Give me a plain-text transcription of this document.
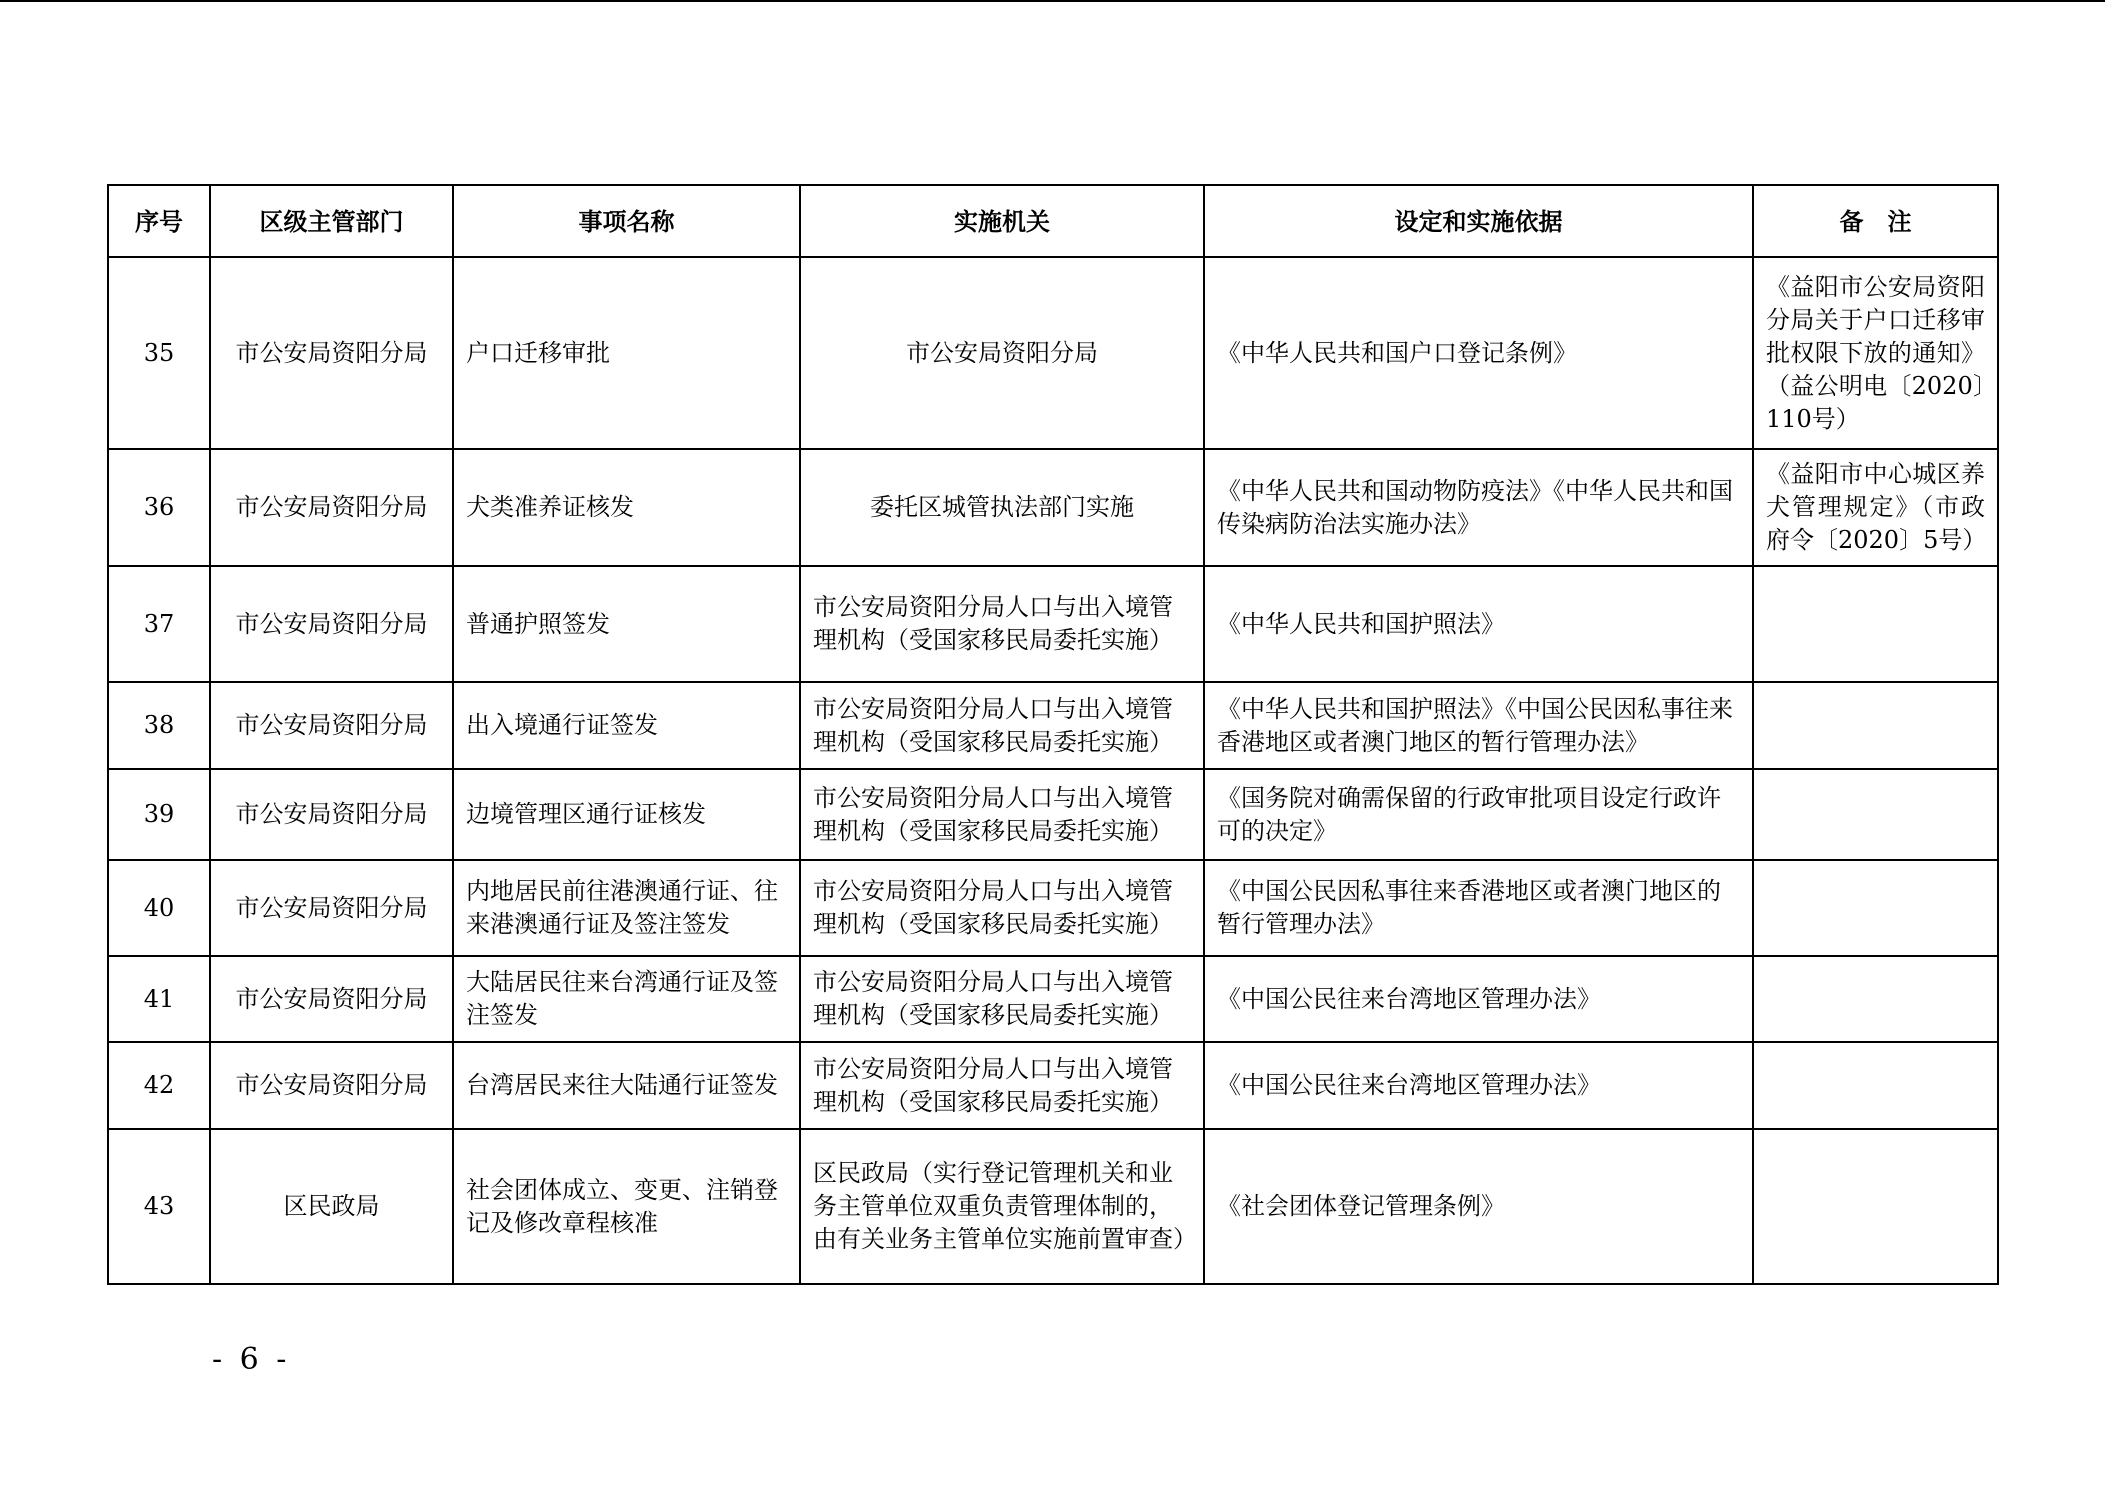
序号	区级主管部门	事项名称	实施机关	设定和实施依据	备　注
35	市公安局资阳分局	户口迁移审批	市公安局资阳分局	《中华人民共和国户口登记条例》	《益阳市公安局资阳分局关于户口迁移审批权限下放的通知》（益公明电〔2020〕110号）
36	市公安局资阳分局	犬类准养证核发	委托区城管执法部门实施	《中华人民共和国动物防疫法》《中华人民共和国传染病防治法实施办法》	《益阳市中心城区养犬管理规定》（市政府令〔2020〕5号）
37	市公安局资阳分局	普通护照签发	市公安局资阳分局人口与出入境管理机构（受国家移民局委托实施）	《中华人民共和国护照法》	
38	市公安局资阳分局	出入境通行证签发	市公安局资阳分局人口与出入境管理机构（受国家移民局委托实施）	《中华人民共和国护照法》《中国公民因私事往来香港地区或者澳门地区的暂行管理办法》	
39	市公安局资阳分局	边境管理区通行证核发	市公安局资阳分局人口与出入境管理机构（受国家移民局委托实施）	《国务院对确需保留的行政审批项目设定行政许可的决定》	
40	市公安局资阳分局	内地居民前往港澳通行证、往来港澳通行证及签注签发	市公安局资阳分局人口与出入境管理机构（受国家移民局委托实施）	《中国公民因私事往来香港地区或者澳门地区的暂行管理办法》	
41	市公安局资阳分局	大陆居民往来台湾通行证及签注签发	市公安局资阳分局人口与出入境管理机构（受国家移民局委托实施）	《中国公民往来台湾地区管理办法》	
42	市公安局资阳分局	台湾居民来往大陆通行证签发	市公安局资阳分局人口与出入境管理机构（受国家移民局委托实施）	《中国公民往来台湾地区管理办法》	
43	区民政局	社会团体成立、变更、注销登记及修改章程核准	区民政局（实行登记管理机关和业务主管单位双重负责管理体制的，由有关业务主管单位实施前置审查）	《社会团体登记管理条例》	
- 6 -
